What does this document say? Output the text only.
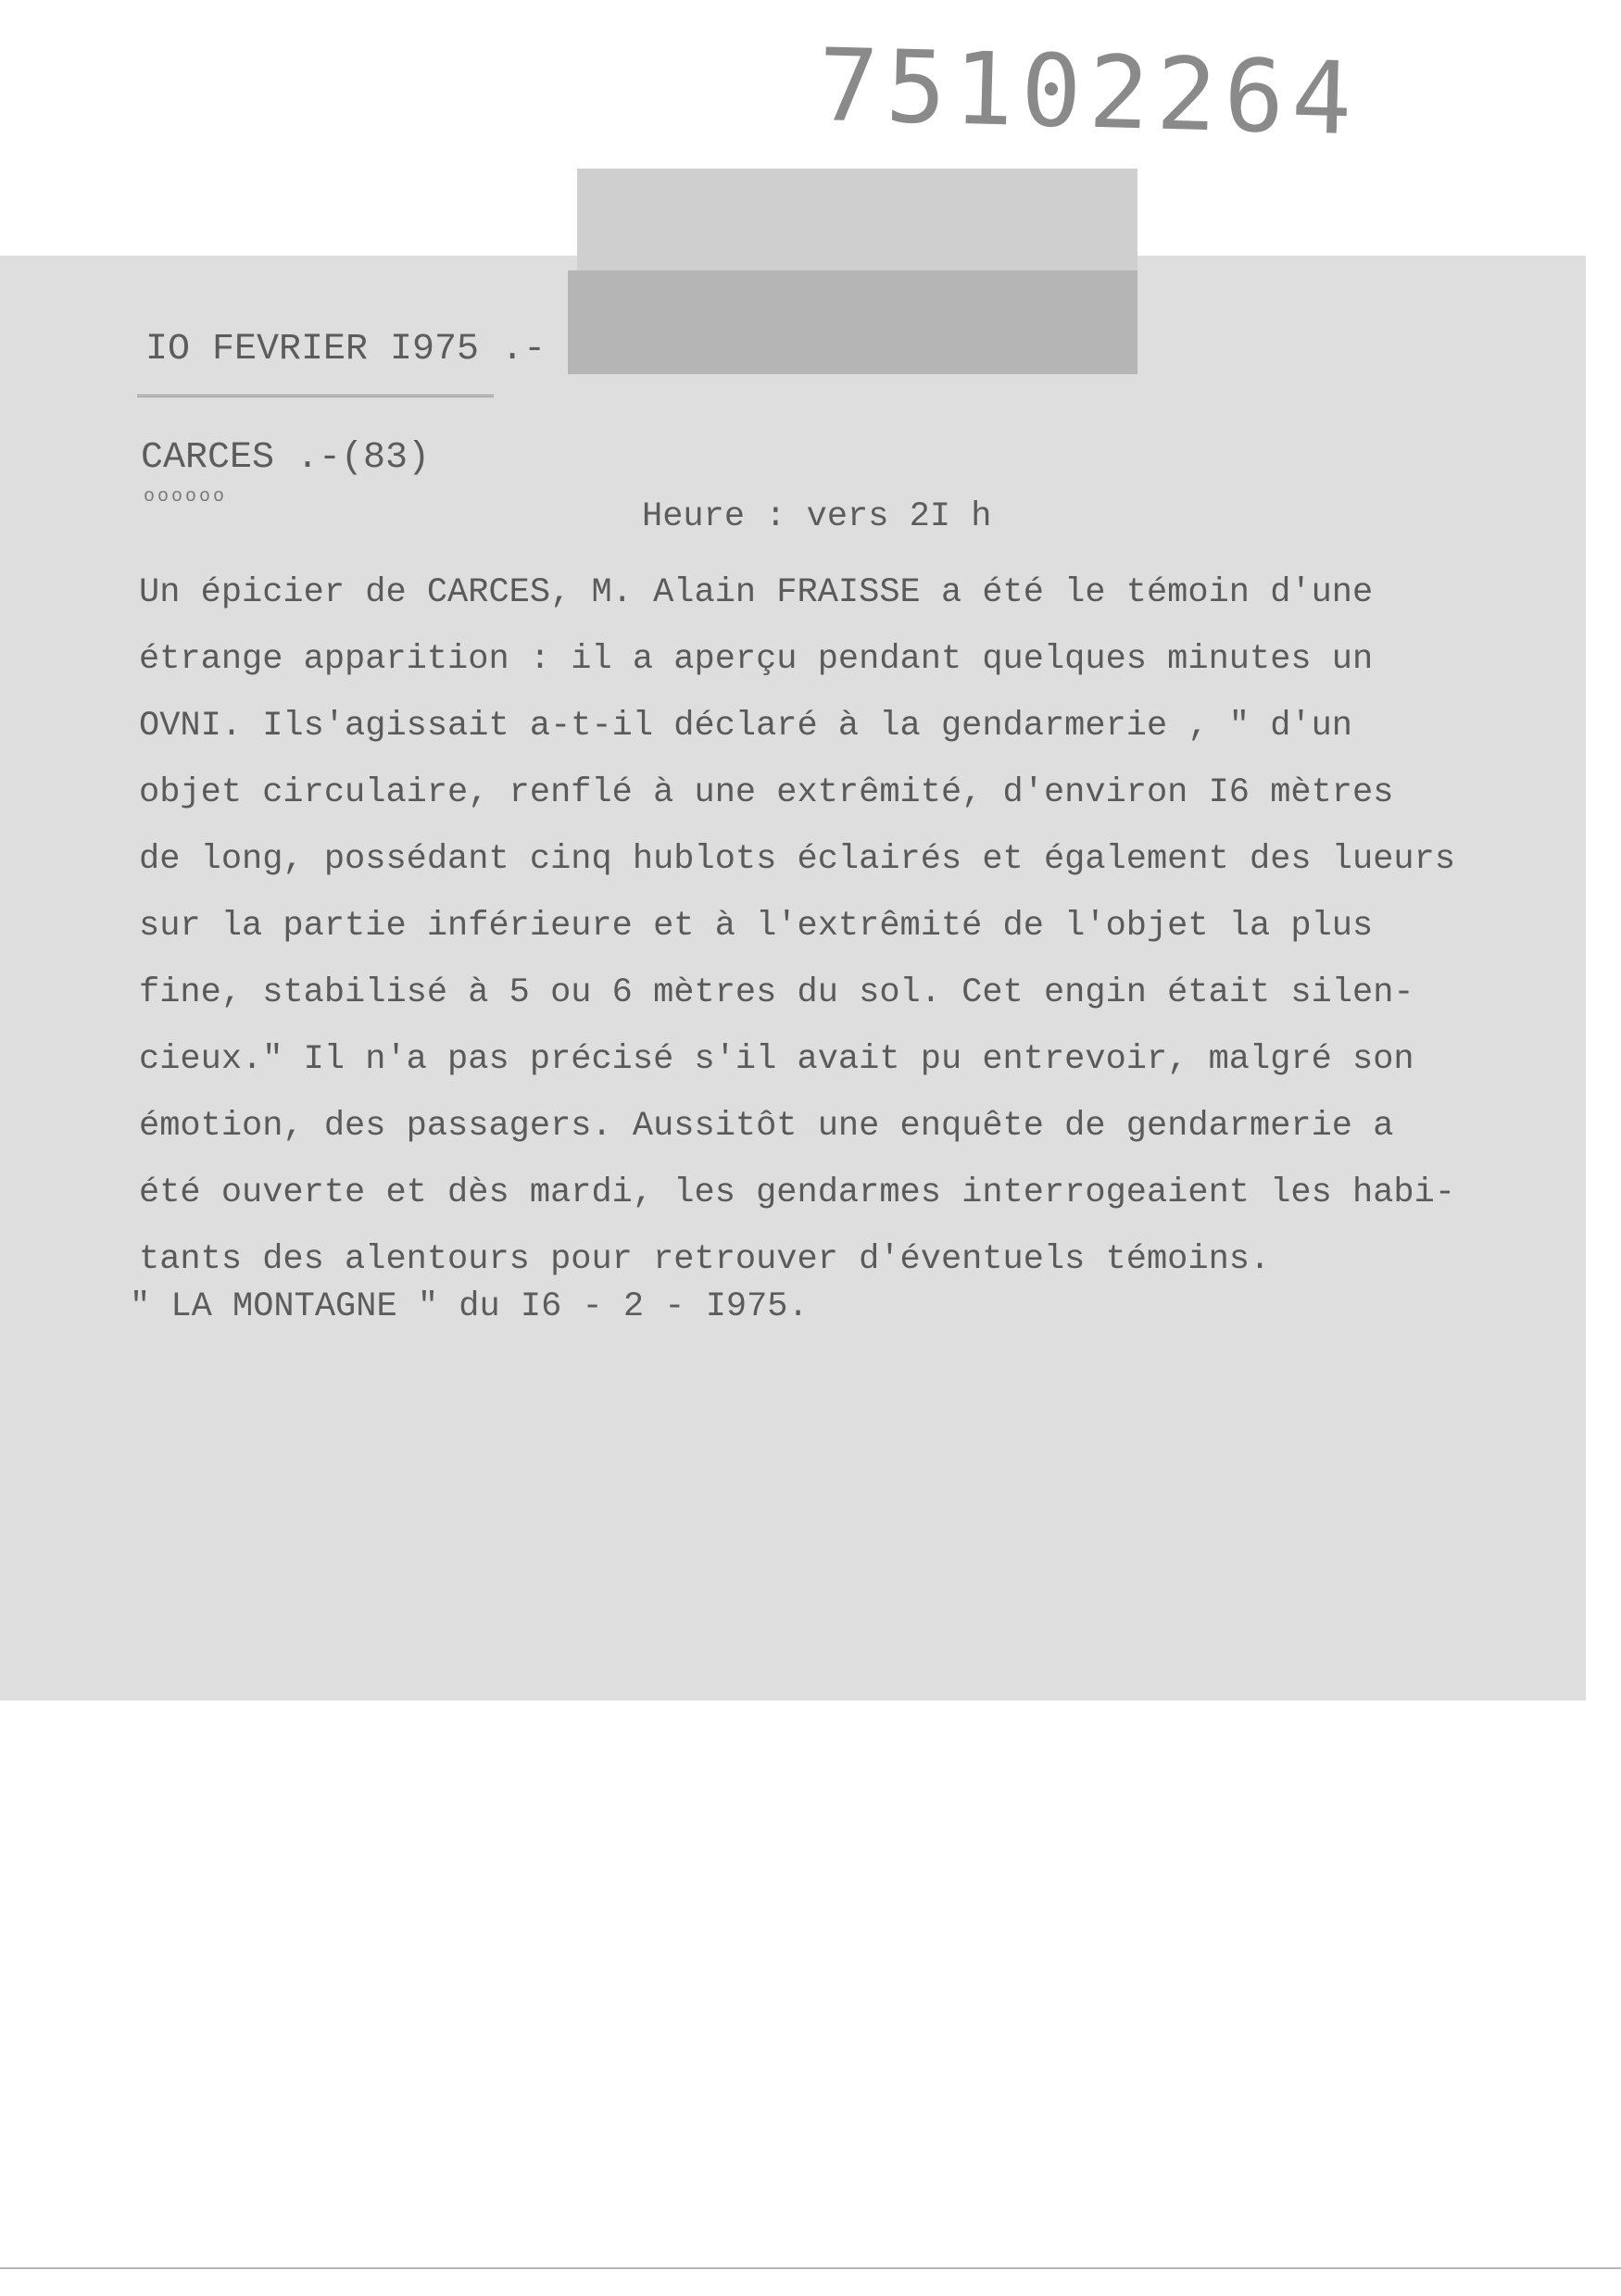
75102264
IO FEVRIER I975 .-
CARCES .-(83)
oooooo
Heure : vers 2I h
Un épicier de CARCES, M. Alain FRAISSE a été le témoin d'une
étrange apparition : il a aperçu pendant quelques minutes un
OVNI. Ils'agissait a-t-il déclaré à la gendarmerie , " d'un
objet circulaire, renflé à une extrêmité, d'environ I6 mètres
de long, possédant cinq hublots éclairés et également des lueurs
sur la partie inférieure et à l'extrêmité de l'objet la plus
fine, stabilisé à 5 ou 6 mètres du sol. Cet engin était silen-
cieux." Il n'a pas précisé s'il avait pu entrevoir, malgré son
émotion, des passagers. Aussitôt une enquête de gendarmerie a
été ouverte et dès mardi, les gendarmes interrogeaient les habi-
tants des alentours pour retrouver d'éventuels témoins.
" LA MONTAGNE " du I6 - 2 - I975.
